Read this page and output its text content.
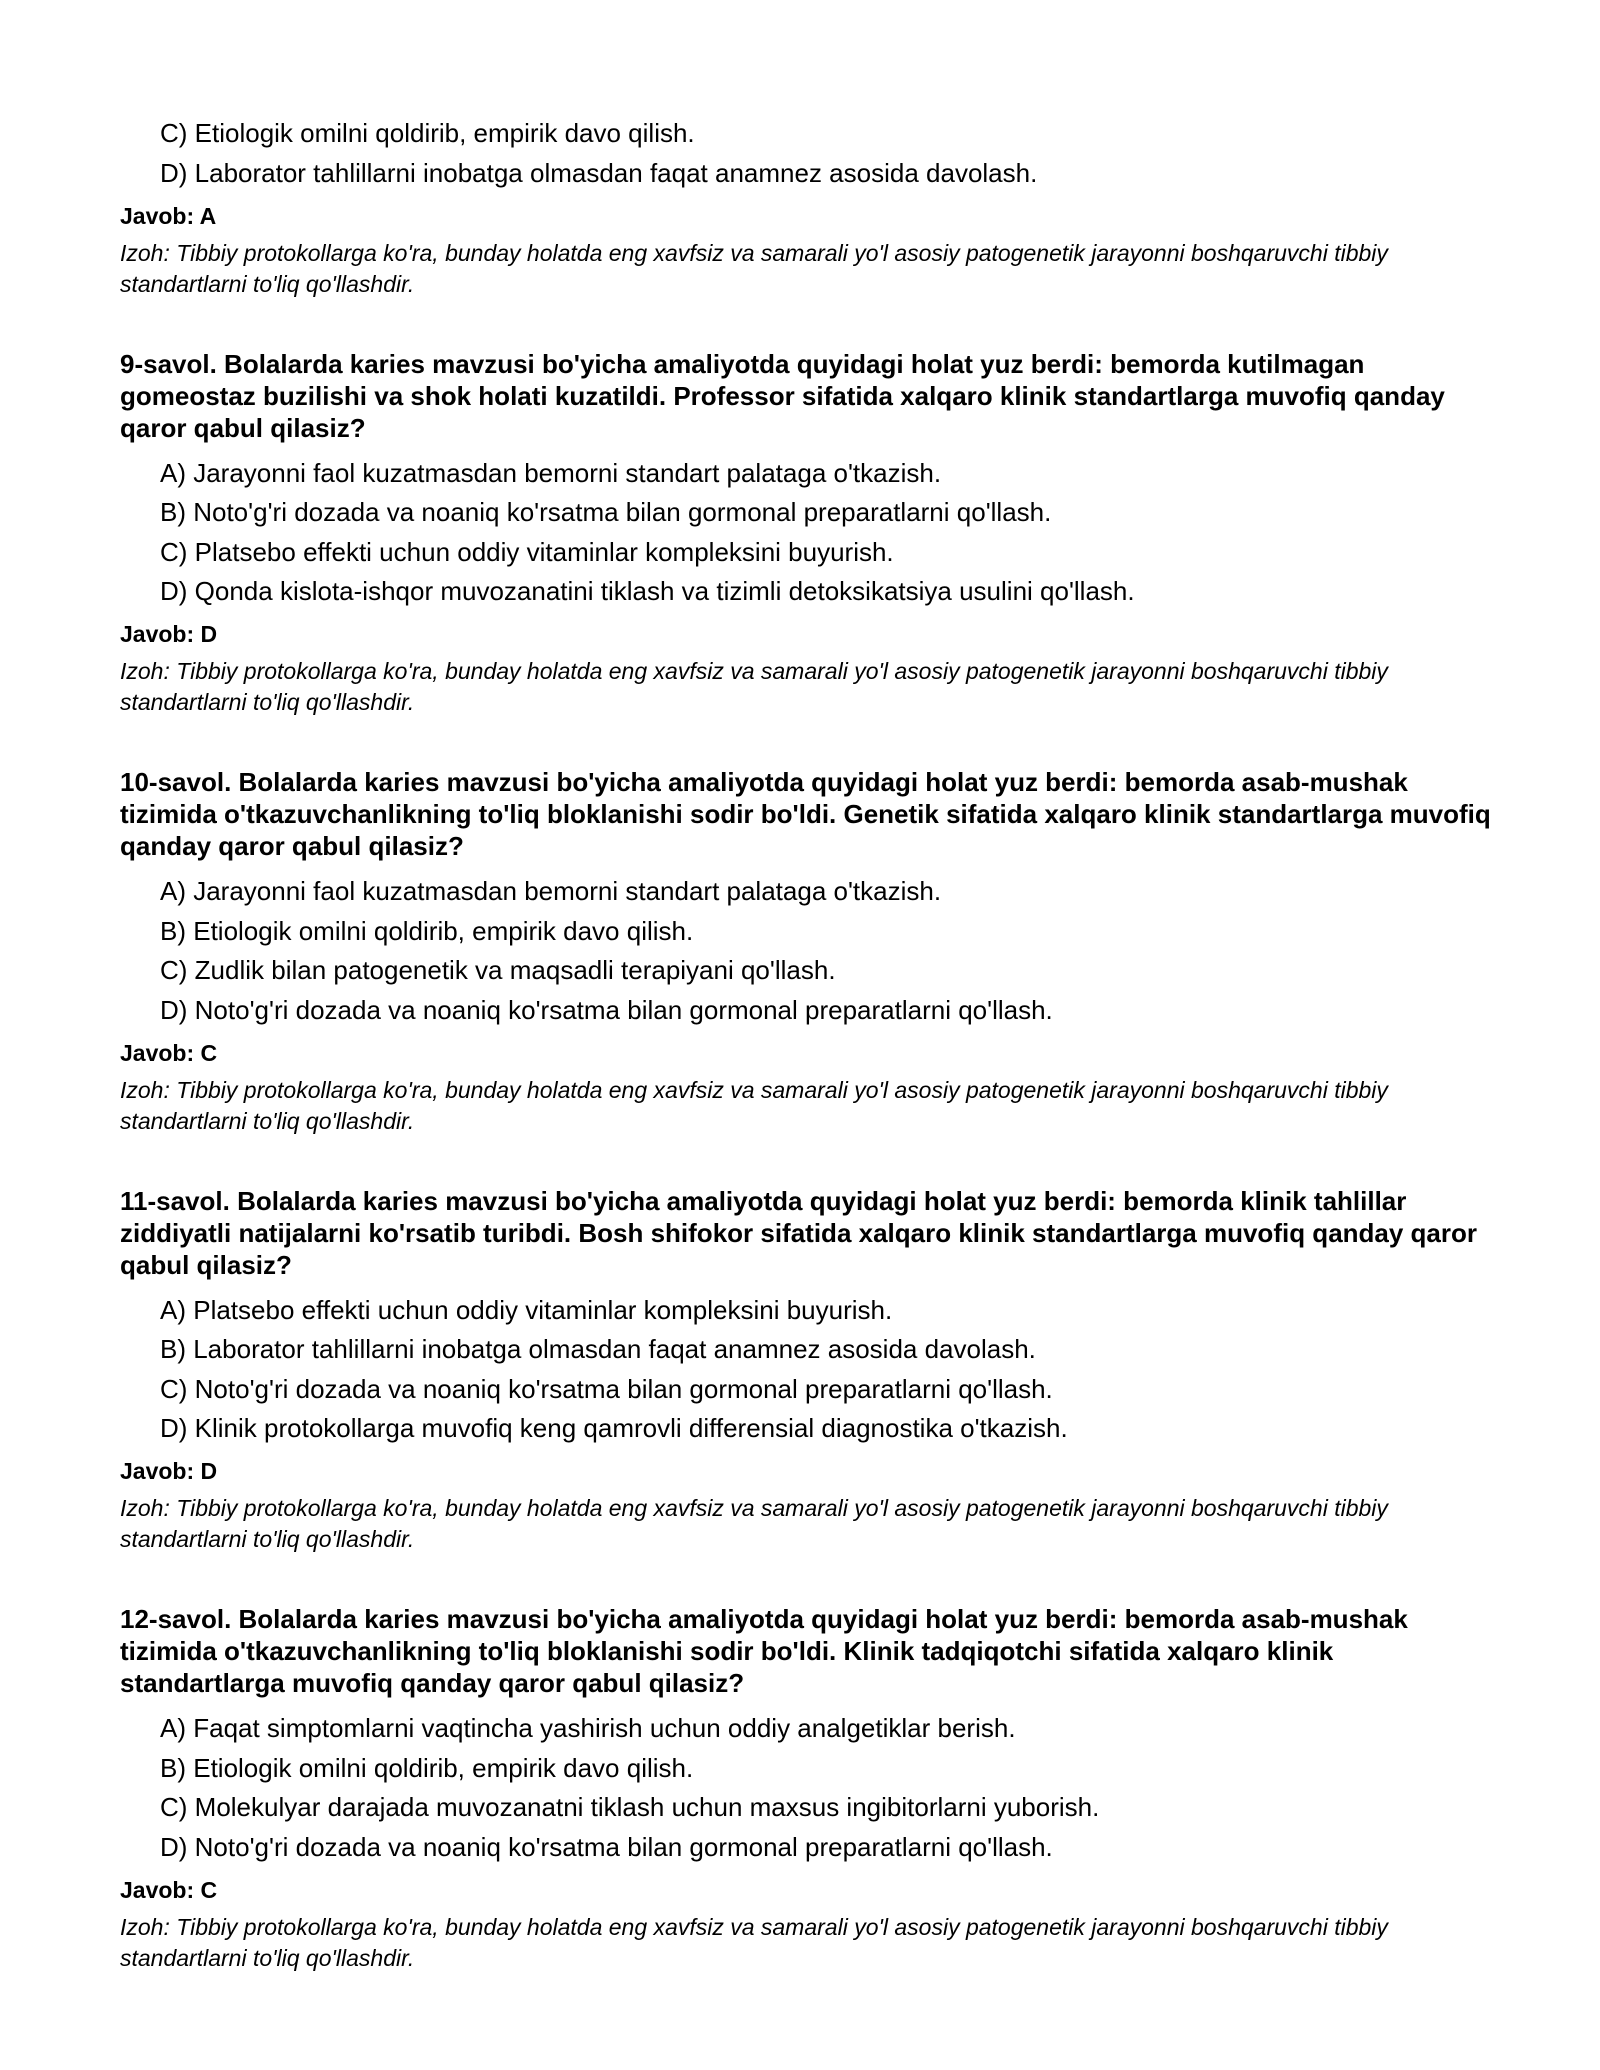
C) Etiologik omilni qoldirib, empirik davo qilish.
D) Laborator tahlillarni inobatga olmasdan faqat anamnez asosida davolash.
Javob: A

Izoh: Tibbiy protokollarga ko'ra, bunday holatda eng xavfsiz va samarali yo'l asosiy patogenetik jarayonni boshqaruvchi tibbiy standartlarni to'liq qo'llashdir.

9-savol. Bolalarda karies mavzusi bo'yicha amaliyotda quyidagi holat yuz berdi: bemorda kutilmagan gomeostaz buzilishi va shok holati kuzatildi. Professor sifatida xalqaro klinik standartlarga muvofiq qanday qaror qabul qilasiz?

A) Jarayonni faol kuzatmasdan bemorni standart palataga o'tkazish.
B) Noto'g'ri dozada va noaniq ko'rsatma bilan gormonal preparatlarni qo'llash.
C) Platsebo effekti uchun oddiy vitaminlar kompleksini buyurish.
D) Qonda kislota-ishqor muvozanatini tiklash va tizimli detoksikatsiya usulini qo'llash.
Javob: D

Izoh: Tibbiy protokollarga ko'ra, bunday holatda eng xavfsiz va samarali yo'l asosiy patogenetik jarayonni boshqaruvchi tibbiy standartlarni to'liq qo'llashdir.

10-savol. Bolalarda karies mavzusi bo'yicha amaliyotda quyidagi holat yuz berdi: bemorda asab-mushak tizimida o'tkazuvchanlikning to'liq bloklanishi sodir bo'ldi. Genetik sifatida xalqaro klinik standartlarga muvofiq qanday qaror qabul qilasiz?

A) Jarayonni faol kuzatmasdan bemorni standart palataga o'tkazish.
B) Etiologik omilni qoldirib, empirik davo qilish.
C) Zudlik bilan patogenetik va maqsadli terapiyani qo'llash.
D) Noto'g'ri dozada va noaniq ko'rsatma bilan gormonal preparatlarni qo'llash.
Javob: C

Izoh: Tibbiy protokollarga ko'ra, bunday holatda eng xavfsiz va samarali yo'l asosiy patogenetik jarayonni boshqaruvchi tibbiy standartlarni to'liq qo'llashdir.

11-savol. Bolalarda karies mavzusi bo'yicha amaliyotda quyidagi holat yuz berdi: bemorda klinik tahlillar ziddiyatli natijalarni ko'rsatib turibdi. Bosh shifokor sifatida xalqaro klinik standartlarga muvofiq qanday qaror qabul qilasiz?

A) Platsebo effekti uchun oddiy vitaminlar kompleksini buyurish.
B) Laborator tahlillarni inobatga olmasdan faqat anamnez asosida davolash.
C) Noto'g'ri dozada va noaniq ko'rsatma bilan gormonal preparatlarni qo'llash.
D) Klinik protokollarga muvofiq keng qamrovli differensial diagnostika o'tkazish.
Javob: D

Izoh: Tibbiy protokollarga ko'ra, bunday holatda eng xavfsiz va samarali yo'l asosiy patogenetik jarayonni boshqaruvchi tibbiy standartlarni to'liq qo'llashdir.

12-savol. Bolalarda karies mavzusi bo'yicha amaliyotda quyidagi holat yuz berdi: bemorda asab-mushak tizimida o'tkazuvchanlikning to'liq bloklanishi sodir bo'ldi. Klinik tadqiqotchi sifatida xalqaro klinik standartlarga muvofiq qanday qaror qabul qilasiz?

A) Faqat simptomlarni vaqtincha yashirish uchun oddiy analgetiklar berish.
B) Etiologik omilni qoldirib, empirik davo qilish.
C) Molekulyar darajada muvozanatni tiklash uchun maxsus ingibitorlarni yuborish.
D) Noto'g'ri dozada va noaniq ko'rsatma bilan gormonal preparatlarni qo'llash.
Javob: C

Izoh: Tibbiy protokollarga ko'ra, bunday holatda eng xavfsiz va samarali yo'l asosiy patogenetik jarayonni boshqaruvchi tibbiy standartlarni to'liq qo'llashdir.
